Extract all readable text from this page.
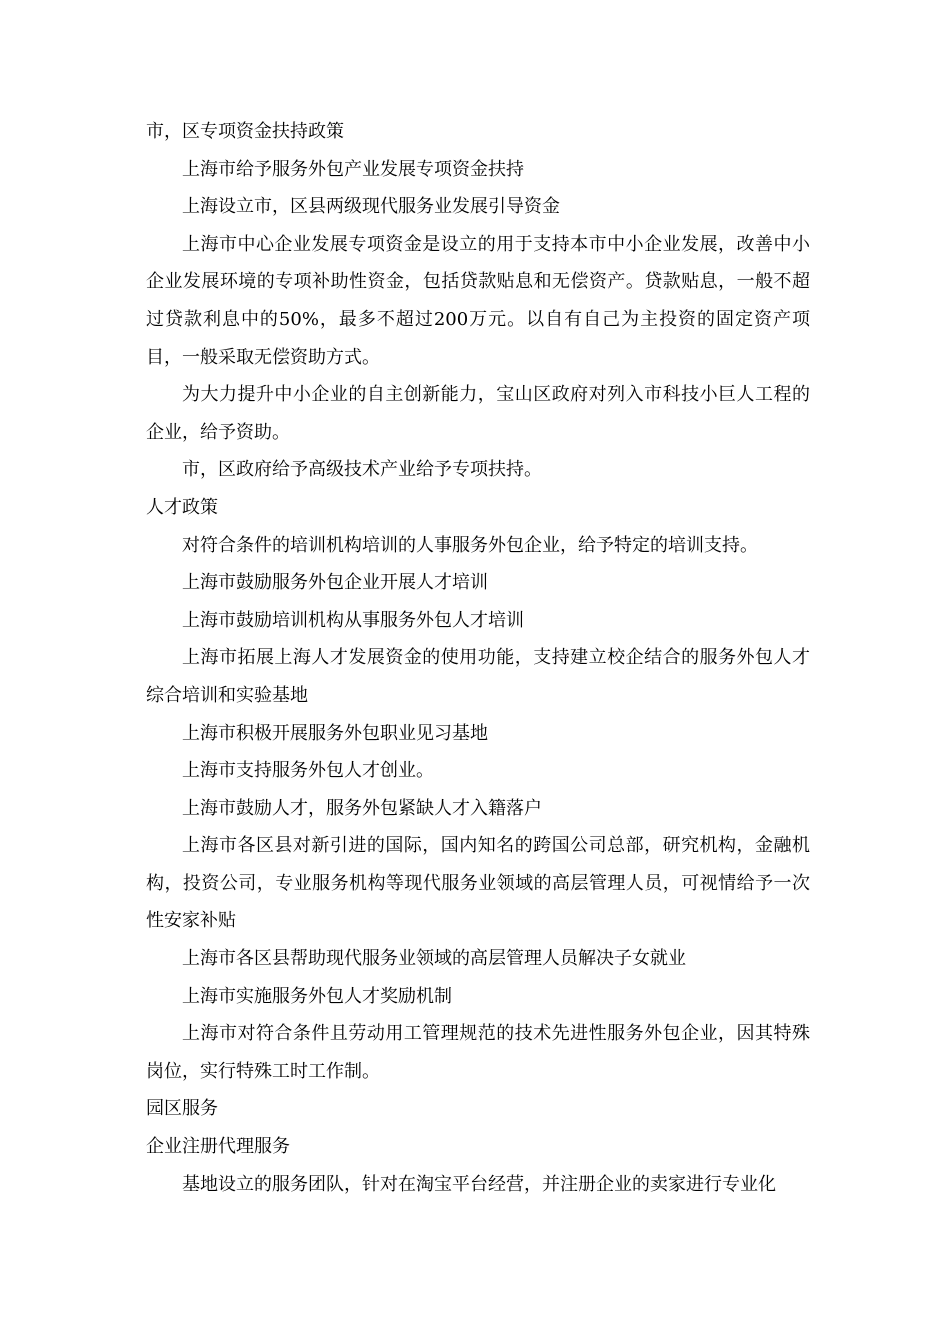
市，区专项资金扶持政策

上海市给予服务外包产业发展专项资金扶持

上海设立市，区县两级现代服务业发展引导资金

上海市中心企业发展专项资金是设立的用于支持本市中小企业发展，改善中小企业发展环境的专项补助性资金，包括贷款贴息和无偿资产。贷款贴息，一般不超过贷款利息中的50%，最多不超过200万元。以自有自己为主投资的固定资产项目，一般采取无偿资助方式。

为大力提升中小企业的自主创新能力，宝山区政府对列入市科技小巨人工程的企业，给予资助。

市，区政府给予高级技术产业给予专项扶持。

人才政策

对符合条件的培训机构培训的人事服务外包企业，给予特定的培训支持。

上海市鼓励服务外包企业开展人才培训

上海市鼓励培训机构从事服务外包人才培训

上海市拓展上海人才发展资金的使用功能，支持建立校企结合的服务外包人才综合培训和实验基地

上海市积极开展服务外包职业见习基地

上海市支持服务外包人才创业。

上海市鼓励人才，服务外包紧缺人才入籍落户

上海市各区县对新引进的国际，国内知名的跨国公司总部，研究机构，金融机构，投资公司，专业服务机构等现代服务业领域的高层管理人员，可视情给予一次性安家补贴

上海市各区县帮助现代服务业领域的高层管理人员解决子女就业

上海市实施服务外包人才奖励机制

上海市对符合条件且劳动用工管理规范的技术先进性服务外包企业，因其特殊岗位，实行特殊工时工作制。

园区服务

企业注册代理服务

基地设立的服务团队，针对在淘宝平台经营，并注册企业的卖家进行专业化
